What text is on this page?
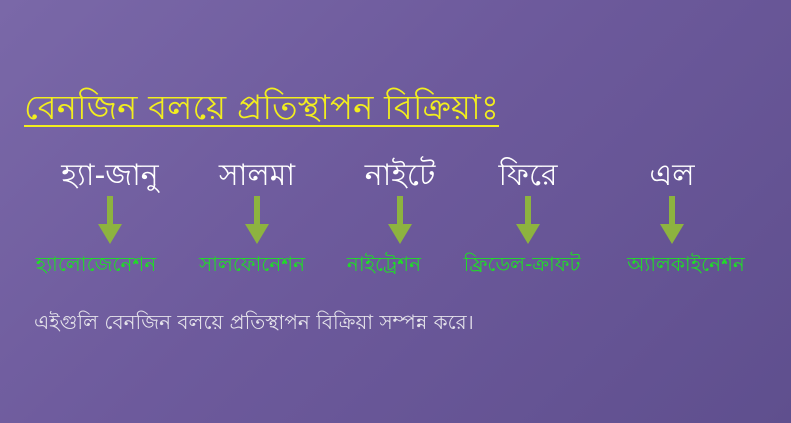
বেনজিন বলয়ে প্রতিস্থাপন বিক্রিয়াঃ
হ্যা-জানু
হ্যালোজেনেশন
সালমা
সালফোনেশন
নাইটে
নাইট্রেশন
ফিরে
ফ্রিডেল-ক্রাফট
এল
অ্যালকাইনেশন
এইগুলি বেনজিন বলয়ে প্রতিস্থাপন বিক্রিয়া সম্পন্ন করে।
